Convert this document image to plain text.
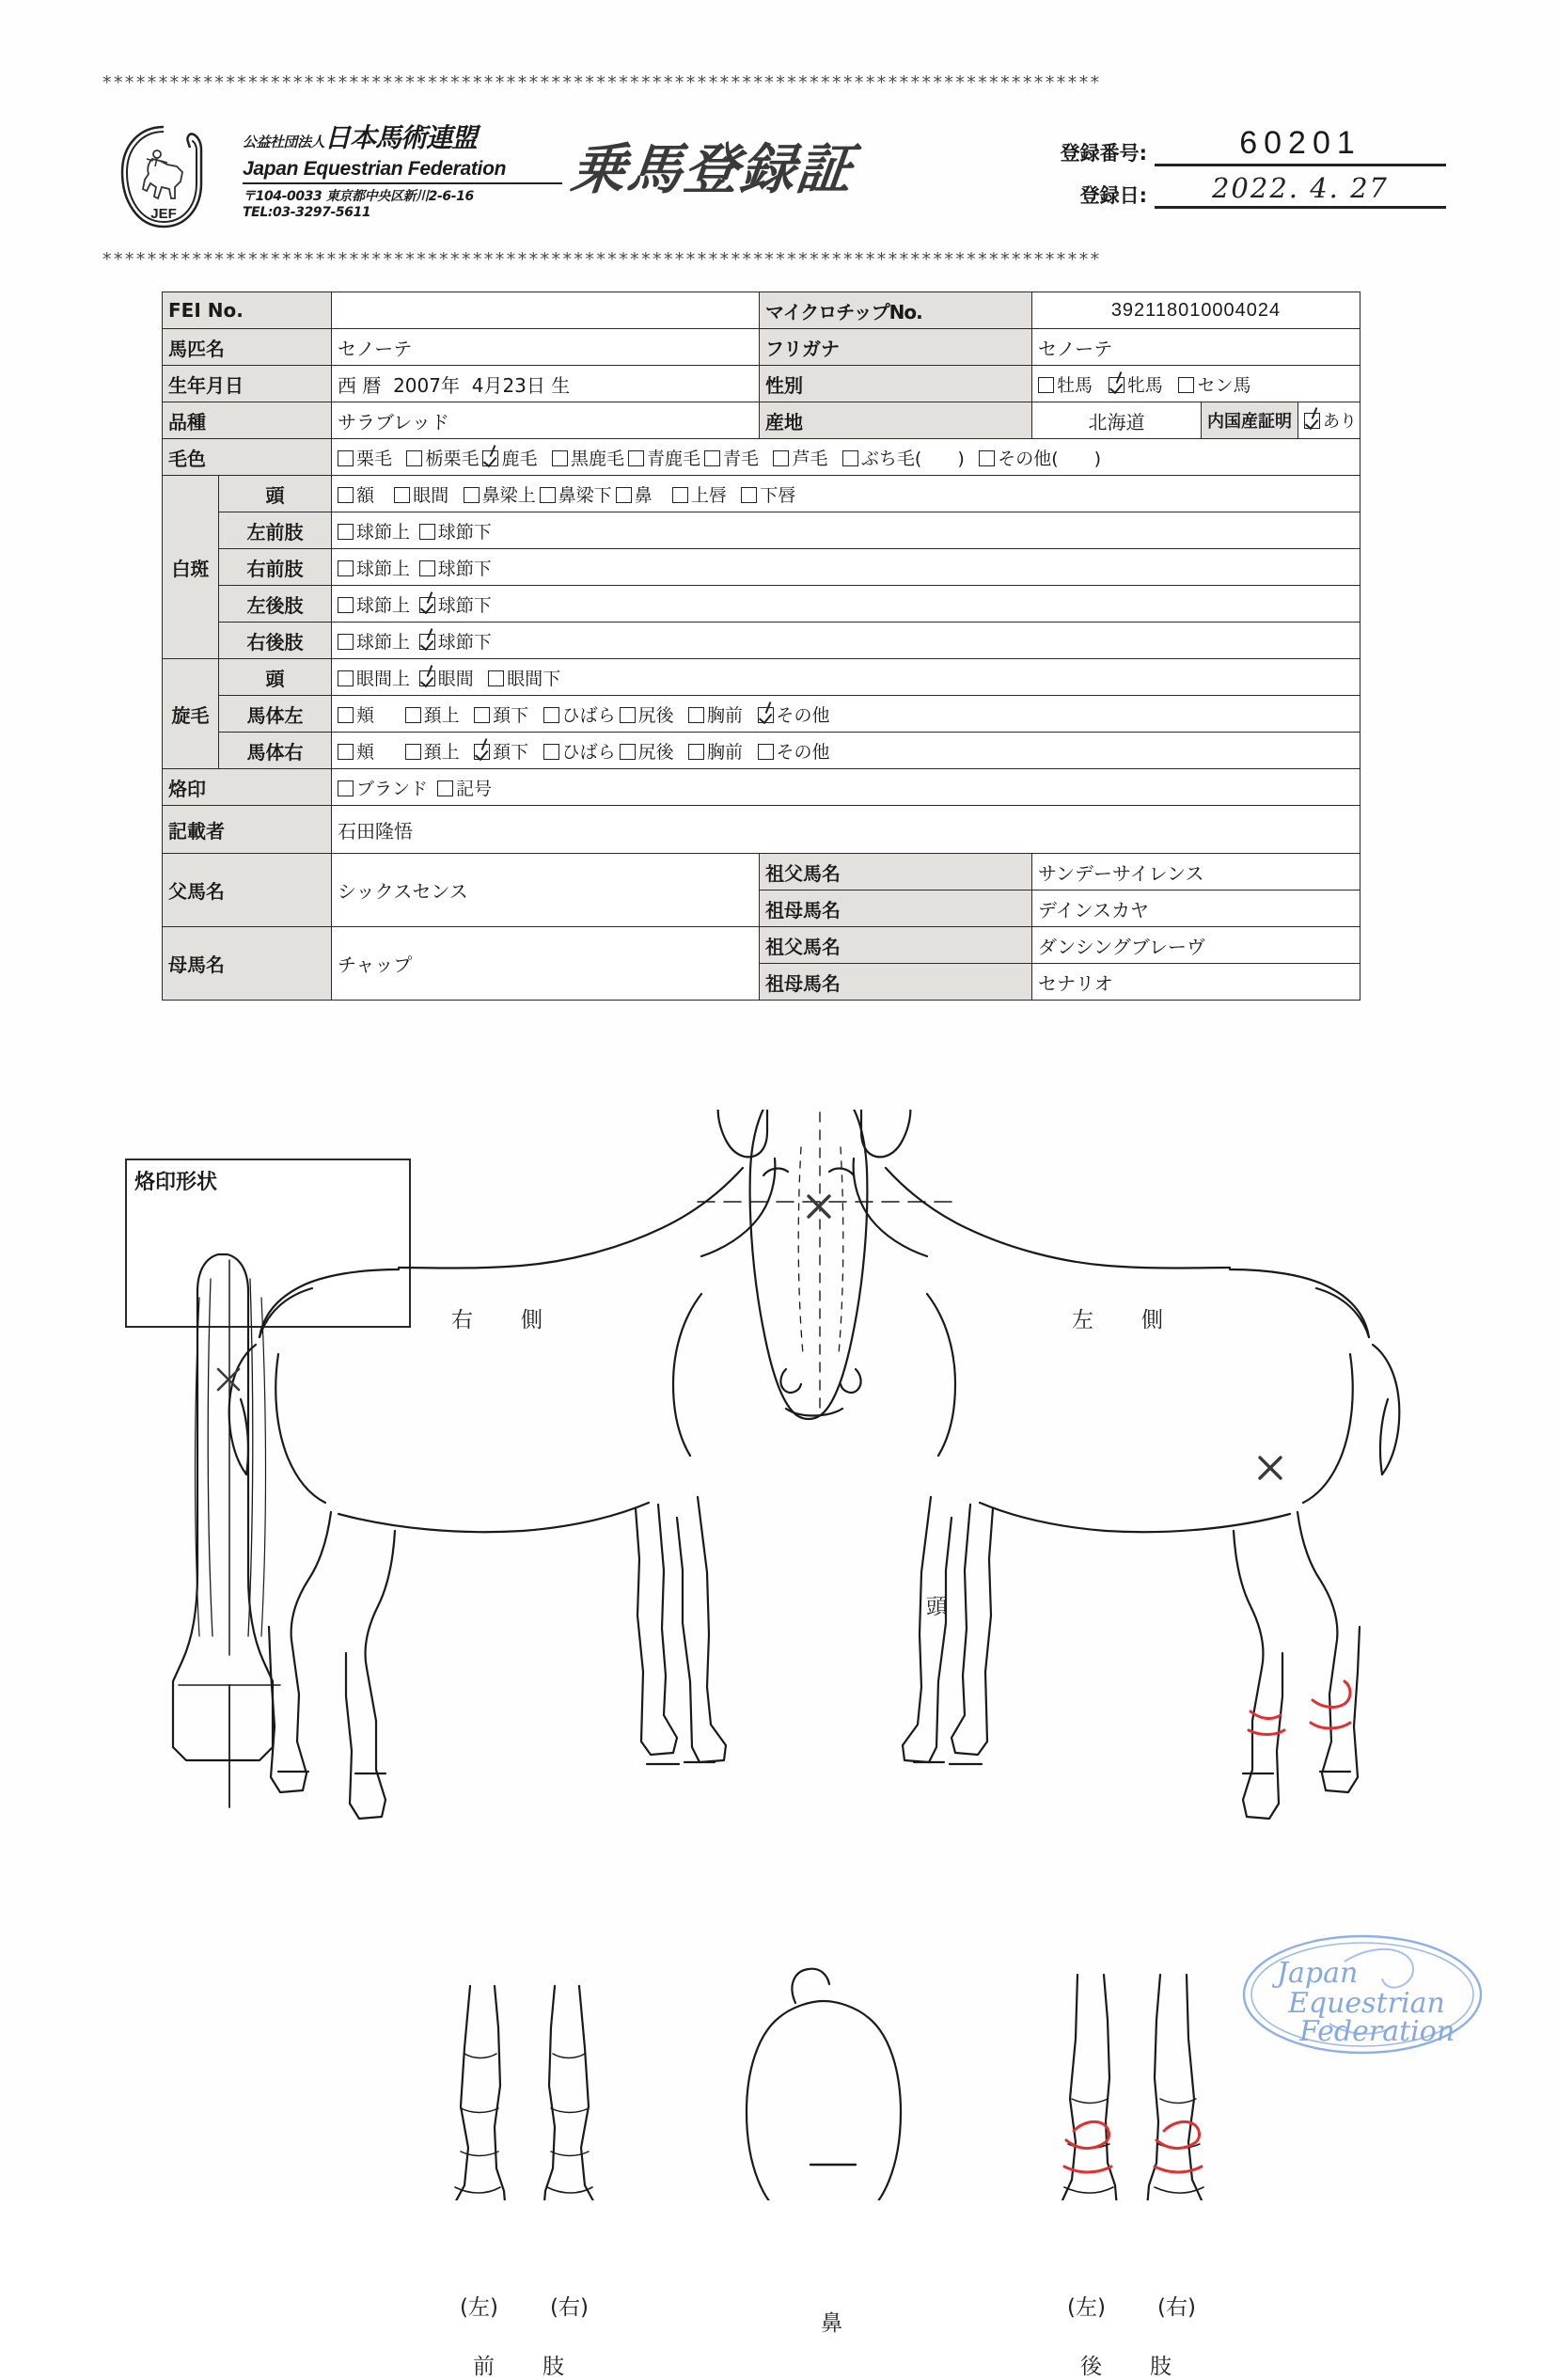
*****************************************************************************************
JEF
公益社団法人日本馬術連盟
Japan Equestrian Federation
〒104-0033 東京都中央区新川2-6-16
TEL:03-3297-5611
乗馬登録証	登録番号:	60201
登録日:	2022. 4. 27
*****************************************************************************************
FEI No.		マイクロチップNo.	392118010004024
馬匹名	セノーテ	フリガナ	セノーテ
生年月日	西 暦 2007年 4月23日 生	性別	牡馬 牝馬 セン馬
品種	サラブレッド	産地	北海道		内国産証明	あり

毛色	栗毛 栃栗毛 鹿毛 黒鹿毛 青鹿毛 青毛 芦毛 ぶち毛(　　) その他(　　)
白斑	頭	額 眼間 鼻梁上 鼻梁下 鼻 上唇 下唇
左前肢	球節上 球節下
右前肢	球節上 球節下
左後肢	球節上 球節下
右後肢	球節上 球節下
旋毛	頭	眼間上 眼間 眼間下
馬体左	頬	頚上 頚下 ひばら 尻後 胸前 その他
馬体右	頬	頚上 頚下 ひばら 尻後 胸前 その他
烙印	ブランド 記号
記載者	石田隆悟
父馬名	シックスセンス	祖父馬名	サンデーサイレンス
祖母馬名	デインスカヤ
母馬名	チャップ	祖父馬名	ダンシングブレーヴ
祖母馬名	セナリオ
烙印形状
右　側	左　側
頭
(左) (右)
前　肢
鼻
(左) (右)
後　肢
Japan
Equestrian
Federation
